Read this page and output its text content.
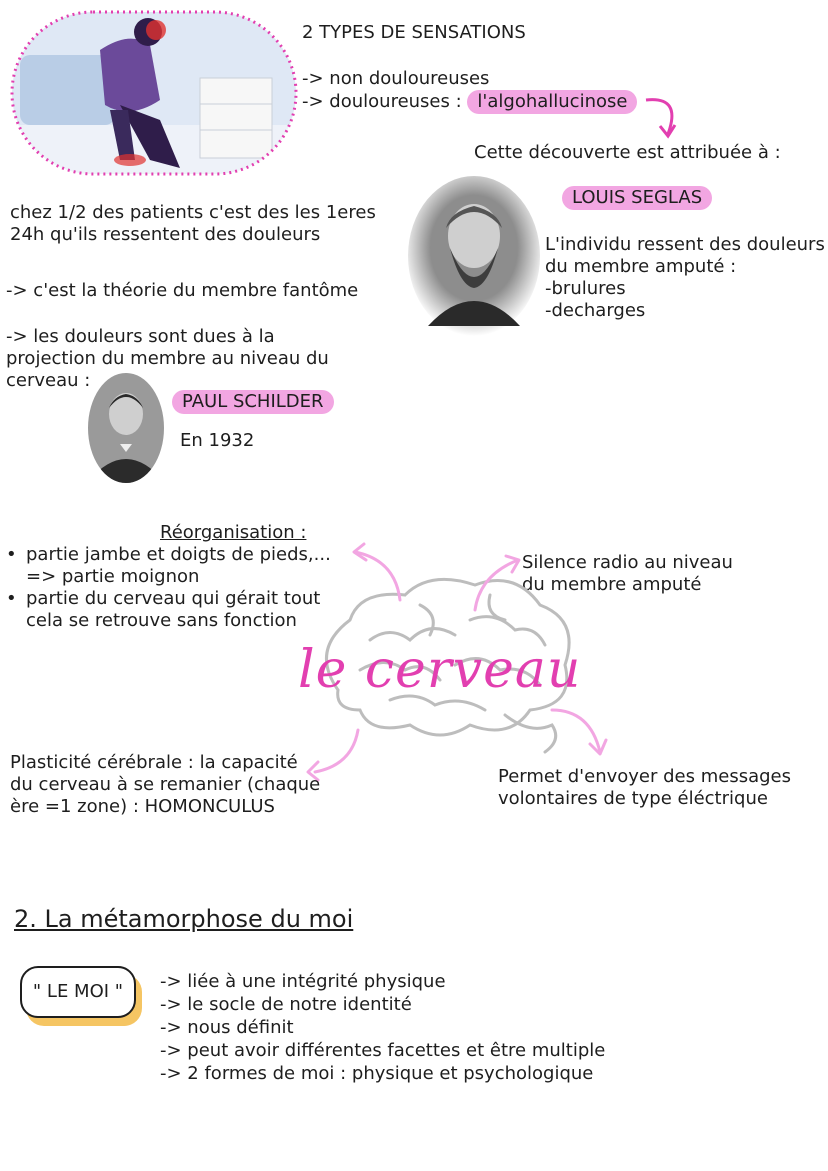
2 TYPES DE SENSATIONS
-> non douloureuses
-> douloureuses : l'algohallucinose
Cette découverte est attribuée à :
LOUIS SEGLAS
L'individu ressent des douleurs
du membre amputé :
-brulures
-decharges
chez 1/2 des patients c'est des les 1eres
24h qu'ils ressentent des douleurs
-> c'est la théorie du membre fantôme
-> les douleurs sont dues à la
projection du membre au niveau du
cerveau :
PAUL SCHILDER
En 1932
Réorganisation :
• partie jambe et doigts de pieds,...
=> partie moignon
• partie du cerveau qui gérait tout
cela se retrouve sans fonction
Silence radio au niveau
du membre amputé
le cerveau
Plasticité cérébrale : la capacité
du cerveau à se remanier (chaque
ère =1 zone) : HOMONCULUS
Permet d'envoyer des messages
volontaires de type éléctrique
2. La métamorphose du moi
" LE MOI "	-> liée à une intégrité physique
-> le socle de notre identité
-> nous définit
-> peut avoir différentes facettes et être multiple
-> 2 formes de moi : physique et psychologique
